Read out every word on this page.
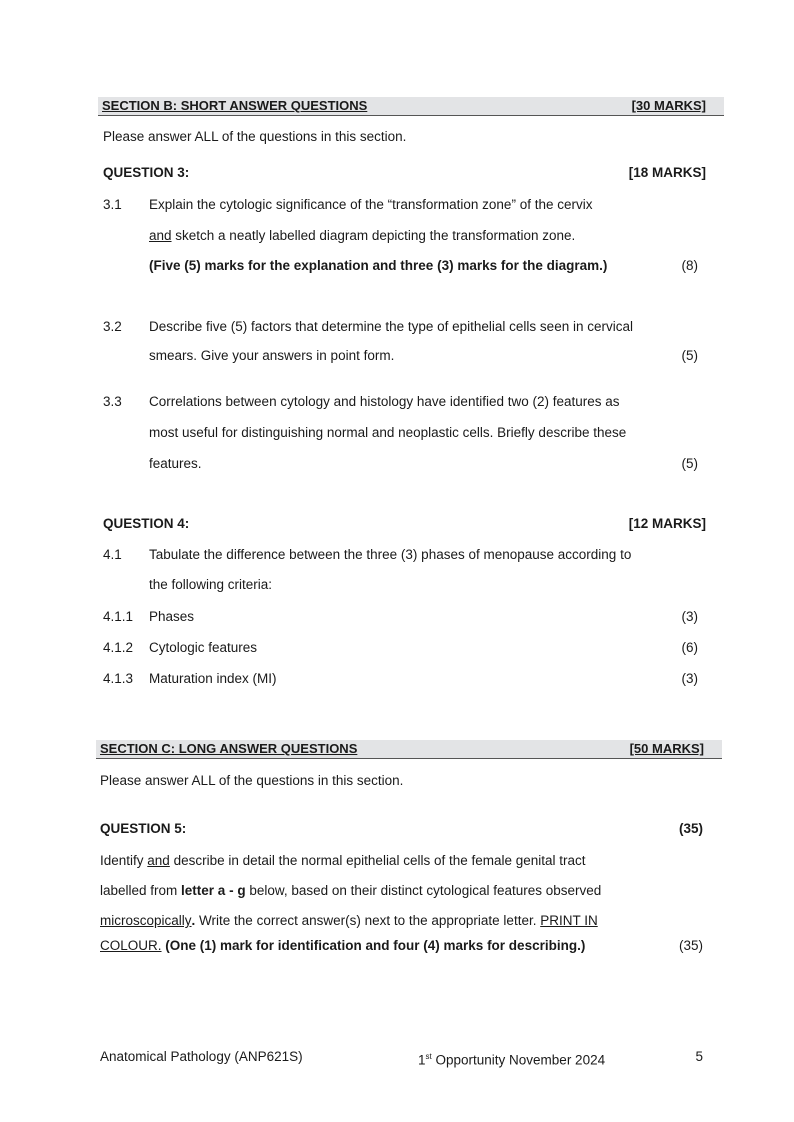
SECTION B: SHORT ANSWER QUESTIONS	[30 MARKS]
Please answer ALL of the questions in this section.
QUESTION 3:	[18 MARKS]
3.1 Explain the cytologic significance of the “transformation zone” of the cervix
and sketch a neatly labelled diagram depicting the transformation zone.
(Five (5) marks for the explanation and three (3) marks for the diagram.)	(8)
3.2 Describe five (5) factors that determine the type of epithelial cells seen in cervical
smears. Give your answers in point form.	(5)
3.3 Correlations between cytology and histology have identified two (2) features as
most useful for distinguishing normal and neoplastic cells. Briefly describe these
features.	(5)
QUESTION 4:	[12 MARKS]
4.1 Tabulate the difference between the three (3) phases of menopause according to
the following criteria:
4.1.1 Phases	(3)
4.1.2 Cytologic features	(6)
4.1.3 Maturation index (MI)	(3)
SECTION C: LONG ANSWER QUESTIONS	[50 MARKS]
Please answer ALL of the questions in this section.
QUESTION 5:	(35)
Identify and describe in detail the normal epithelial cells of the female genital tract
labelled from letter a - g below, based on their distinct cytological features observed
microscopically. Write the correct answer(s) next to the appropriate letter. PRINT IN
COLOUR. (One (1) mark for identification and four (4) marks for describing.)	(35)
Anatomical Pathology (ANP621S)	1st Opportunity November 2024	5
